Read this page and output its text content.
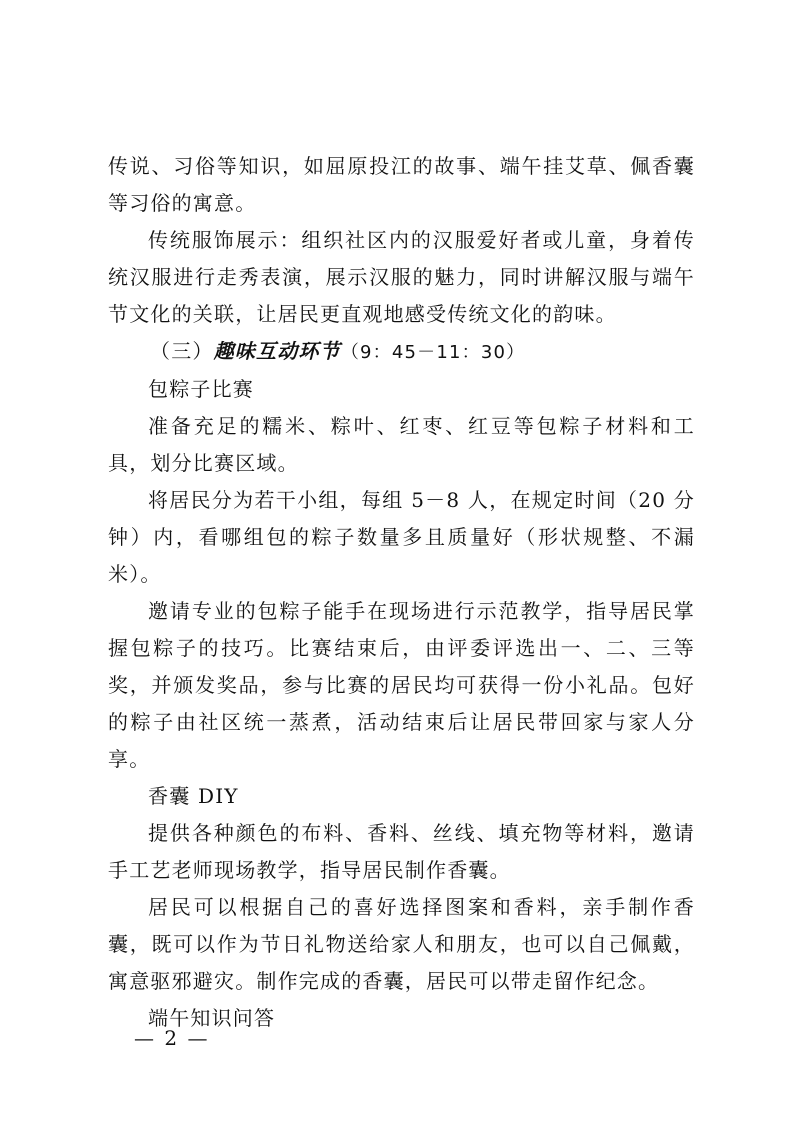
传说、习俗等知识，如屈原投江的故事、端午挂艾草、佩香囊等习俗的寓意。

传统服饰展示：组织社区内的汉服爱好者或儿童，身着传统汉服进行走秀表演，展示汉服的魅力，同时讲解汉服与端午节文化的关联，让居民更直观地感受传统文化的韵味。

（三）趣味互动环节（9：45－11：30）

包粽子比赛

准备充足的糯米、粽叶、红枣、红豆等包粽子材料和工具，划分比赛区域。

将居民分为若干小组，每组 5－8 人，在规定时间（20 分钟）内，看哪组包的粽子数量多且质量好（形状规整、不漏米）。

邀请专业的包粽子能手在现场进行示范教学，指导居民掌握包粽子的技巧。比赛结束后，由评委评选出一、二、三等奖，并颁发奖品，参与比赛的居民均可获得一份小礼品。包好的粽子由社区统一蒸煮，活动结束后让居民带回家与家人分享。

香囊 DIY

提供各种颜色的布料、香料、丝线、填充物等材料，邀请手工艺老师现场教学，指导居民制作香囊。

居民可以根据自己的喜好选择图案和香料，亲手制作香囊，既可以作为节日礼物送给家人和朋友，也可以自己佩戴，寓意驱邪避灾。制作完成的香囊，居民可以带走留作纪念。

端午知识问答

— 2 —
